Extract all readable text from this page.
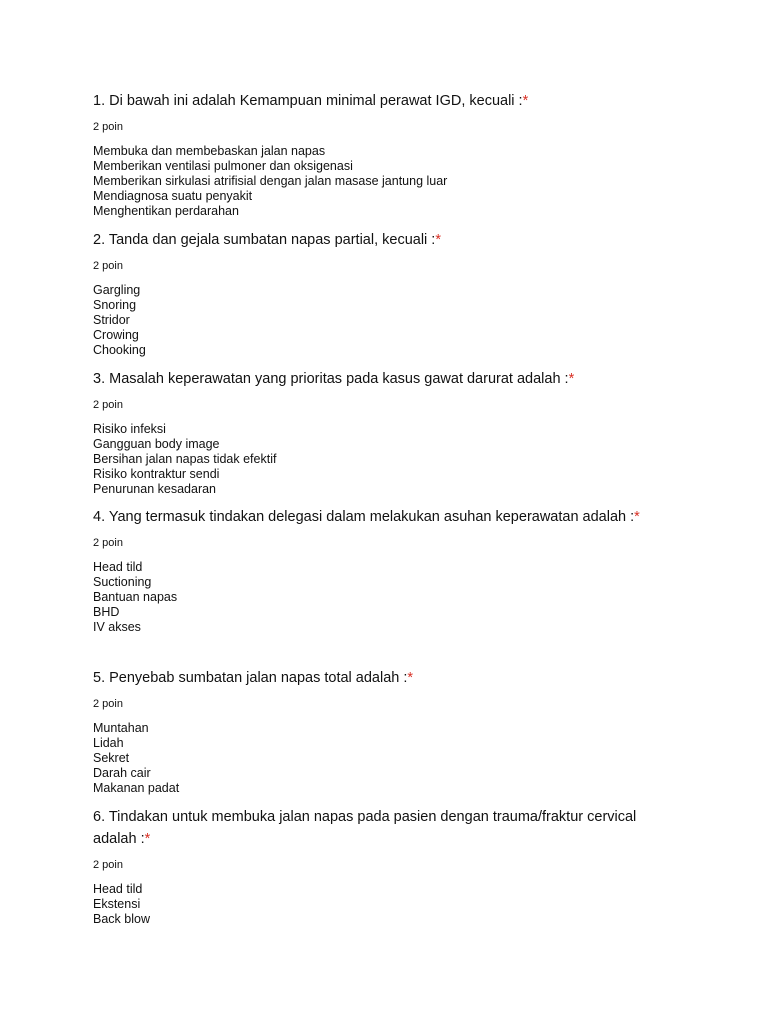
1. Di bawah ini adalah Kemampuan minimal perawat IGD, kecuali :*

2 poin
Membuka dan membebaskan jalan napas
Memberikan ventilasi pulmoner dan oksigenasi
Memberikan sirkulasi atrifisial dengan jalan masase jantung luar
Mendiagnosa suatu penyakit
Menghentikan perdarahan

2. Tanda dan gejala sumbatan napas partial, kecuali :*

2 poin
Gargling
Snoring
Stridor
Crowing
Chooking

3. Masalah keperawatan yang prioritas pada kasus gawat darurat adalah :*

2 poin
Risiko infeksi
Gangguan body image
Bersihan jalan napas tidak efektif
Risiko kontraktur sendi
Penurunan kesadaran

4. Yang termasuk tindakan delegasi dalam melakukan asuhan keperawatan adalah :*

2 poin
Head tild
Suctioning
Bantuan napas
BHD
IV akses

5. Penyebab sumbatan jalan napas total adalah :*

2 poin
Muntahan
Lidah
Sekret
Darah cair
Makanan padat

6. Tindakan untuk membuka jalan napas pada pasien dengan trauma/fraktur cervical adalah :*

2 poin
Head tild
Ekstensi
Back blow
